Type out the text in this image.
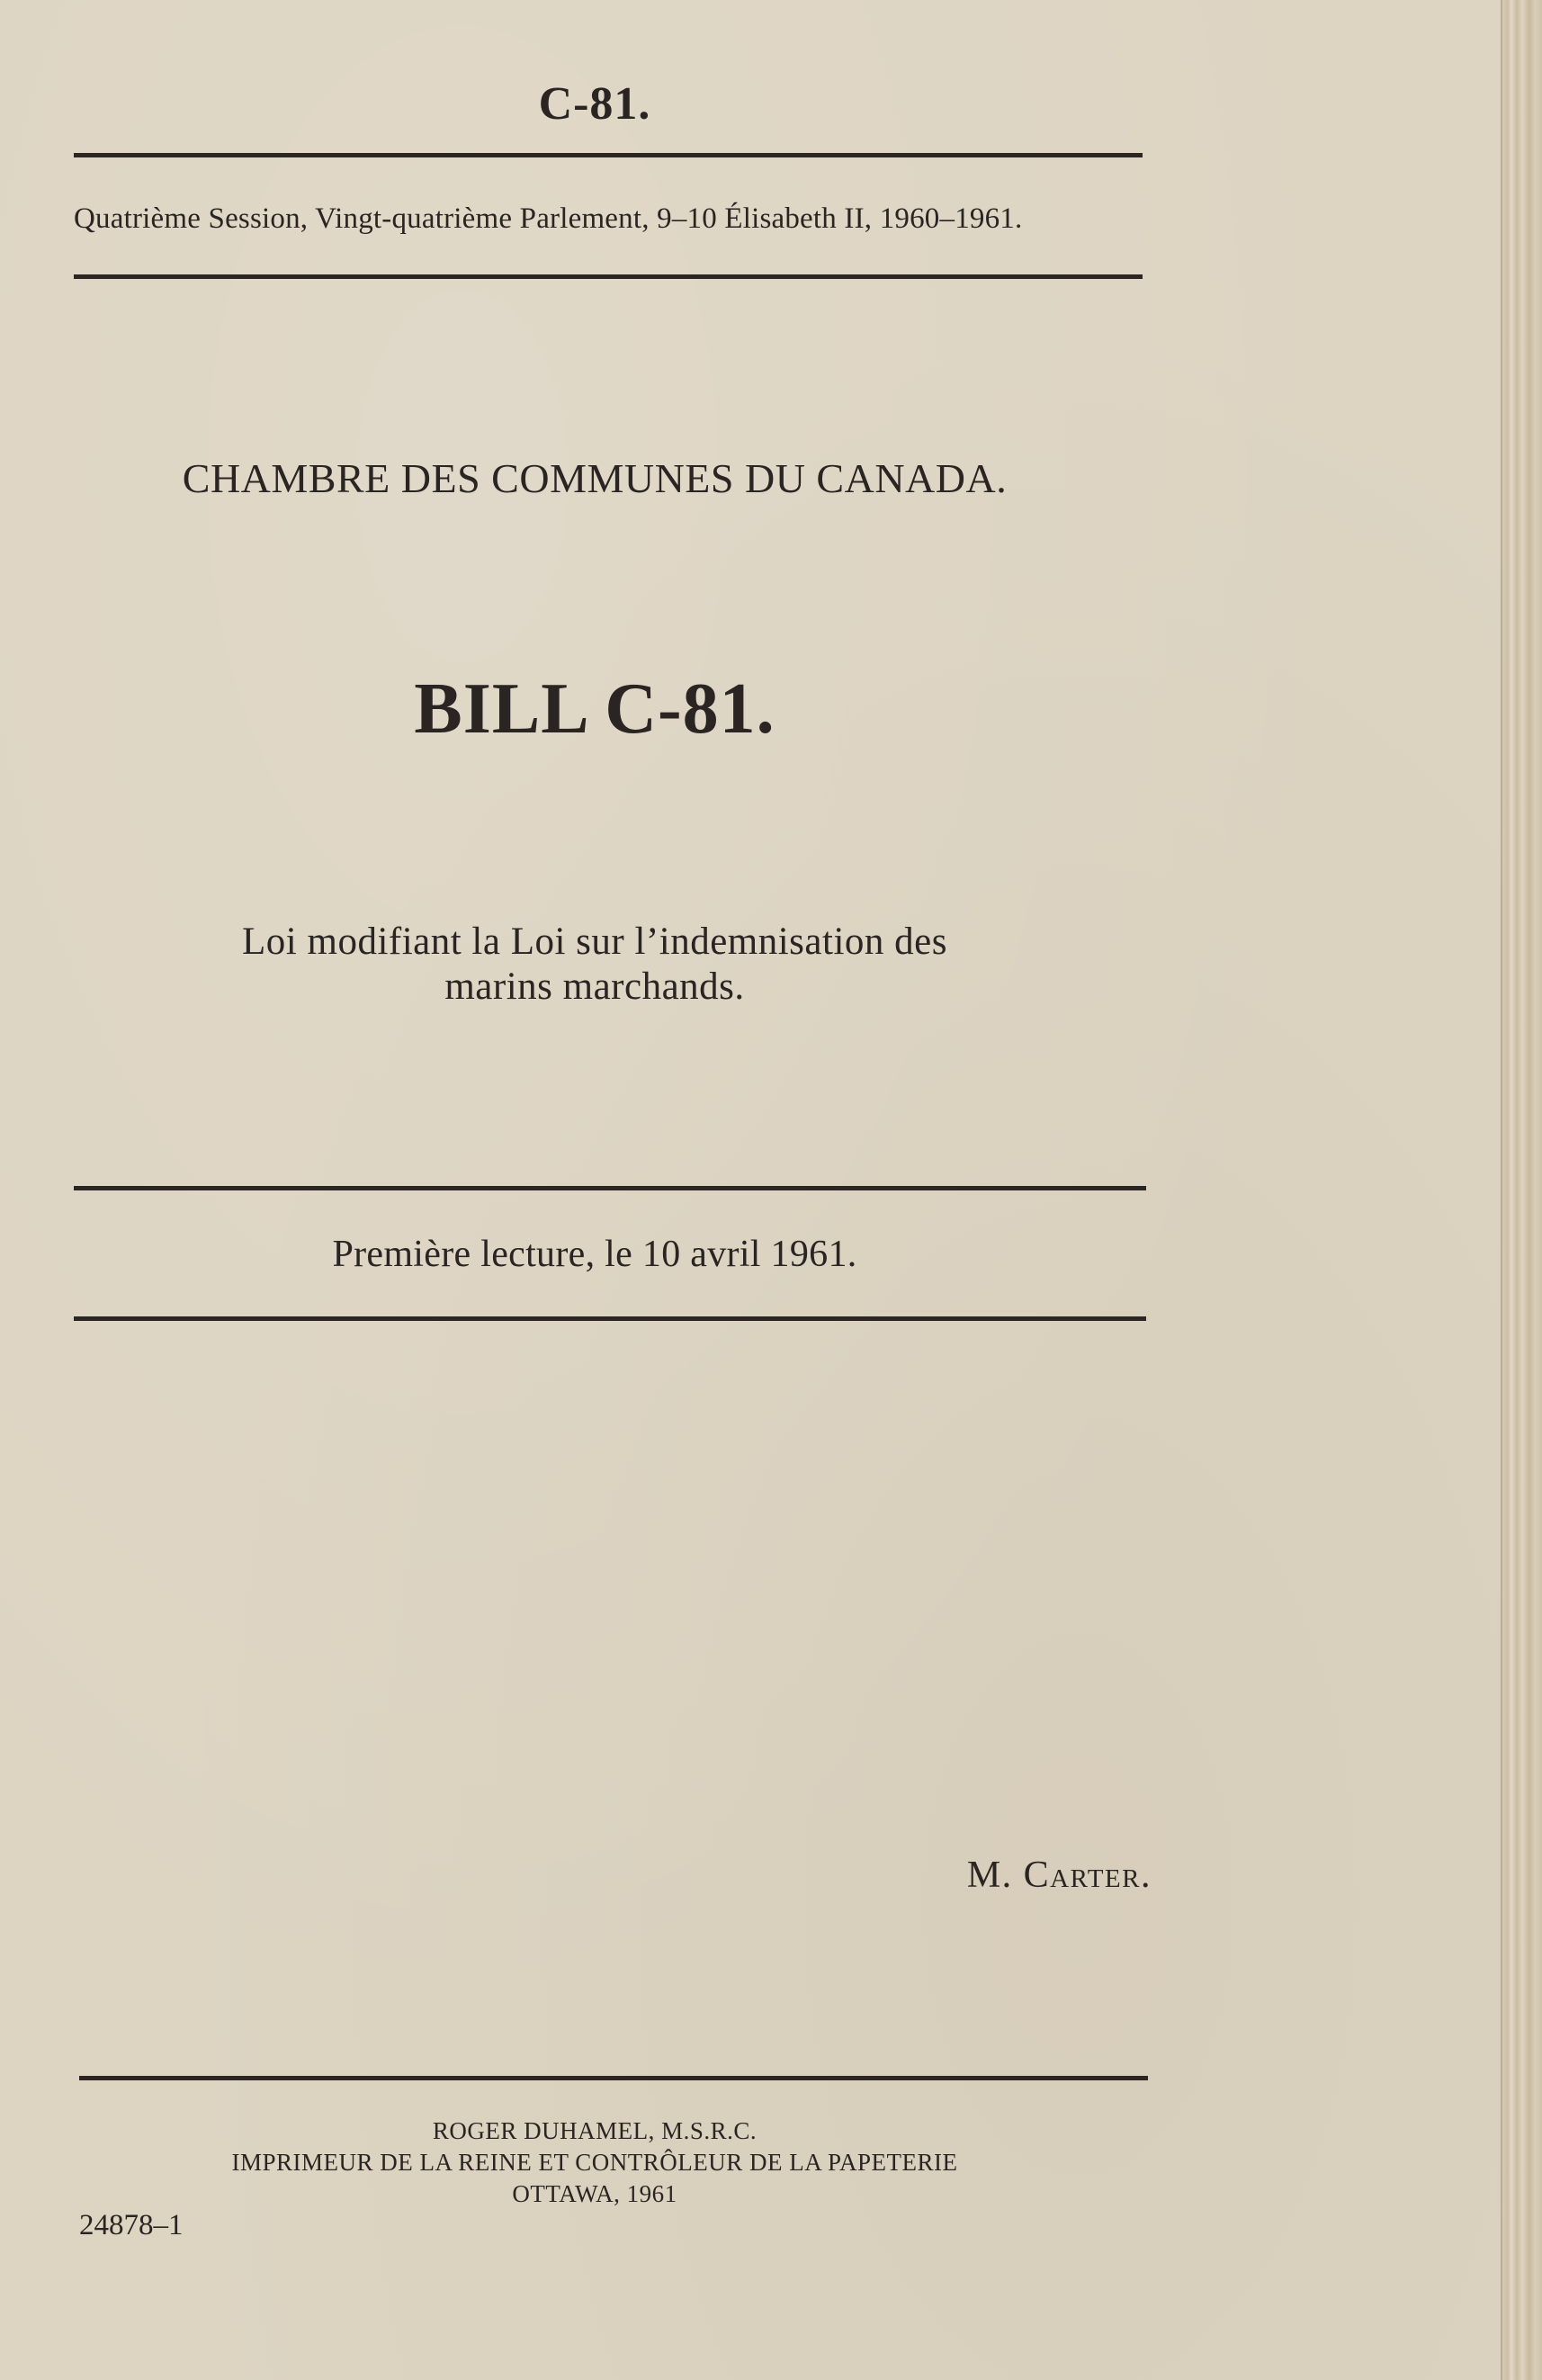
C-81.
Quatrième Session, Vingt-quatrième Parlement, 9–10 Élisabeth II, 1960–1961.
CHAMBRE DES COMMUNES DU CANADA.
BILL C-81.
Loi modifiant la Loi sur l’indemnisation des
marins marchands.
Première lecture, le 10 avril 1961.
M. Carter.
ROGER DUHAMEL, M.S.R.C.
IMPRIMEUR DE LA REINE ET CONTRÔLEUR DE LA PAPETERIE
OTTAWA, 1961
24878–1
